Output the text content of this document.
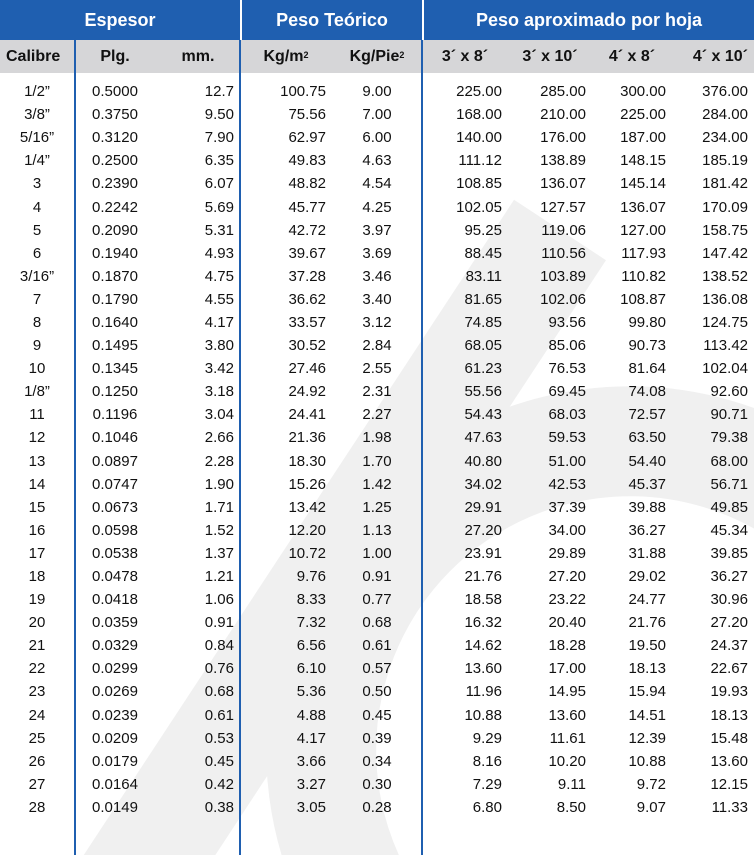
Espesor	Peso Teórico	Peso aproximado por hoja
Calibre	Plg.	mm.	$Kg/m^2$	Kg/Pie$^2$	3´ x 8´	3´ x 10´	4´ x 8´	4´ x 10´
1/2”	0.5000	12.7	100.75	9.00	225.00	285.00	300.00	376.00
3/8”	0.3750	9.50	75.56	7.00	168.00	210.00	225.00	284.00
5/16”	0.3120	7.90	62.97	6.00	140.00	176.00	187.00	234.00
1/4”	0.2500	6.35	49.83	4.63	111.12	138.89	148.15	185.19
3	0.2390	6.07	48.82	4.54	108.85	136.07	145.14	181.42
4	0.2242	5.69	45.77	4.25	102.05	127.57	136.07	170.09
5	0.2090	5.31	42.72	3.97	95.25	119.06	127.00	158.75
6	0.1940	4.93	39.67	3.69	88.45	110.56	117.93	147.42
3/16”	0.1870	4.75	37.28	3.46	83.11	103.89	110.82	138.52
7	0.1790	4.55	36.62	3.40	81.65	102.06	108.87	136.08
8	0.1640	4.17	33.57	3.12	74.85	93.56	99.80	124.75
9	0.1495	3.80	30.52	2.84	68.05	85.06	90.73	113.42
10	0.1345	3.42	27.46	2.55	61.23	76.53	81.64	102.04
1/8”	0.1250	3.18	24.92	2.31	55.56	69.45	74.08	92.60
11	0.1196	3.04	24.41	2.27	54.43	68.03	72.57	90.71
12	0.1046	2.66	21.36	1.98	47.63	59.53	63.50	79.38
13	0.0897	2.28	18.30	1.70	40.80	51.00	54.40	68.00
14	0.0747	1.90	15.26	1.42	34.02	42.53	45.37	56.71
15	0.0673	1.71	13.42	1.25	29.91	37.39	39.88	49.85
16	0.0598	1.52	12.20	1.13	27.20	34.00	36.27	45.34
17	0.0538	1.37	10.72	1.00	23.91	29.89	31.88	39.85
18	0.0478	1.21	9.76	0.91	21.76	27.20	29.02	36.27
19	0.0418	1.06	8.33	0.77	18.58	23.22	24.77	30.96
20	0.0359	0.91	7.32	0.68	16.32	20.40	21.76	27.20
21	0.0329	0.84	6.56	0.61	14.62	18.28	19.50	24.37
22	0.0299	0.76	6.10	0.57	13.60	17.00	18.13	22.67
23	0.0269	0.68	5.36	0.50	11.96	14.95	15.94	19.93
24	0.0239	0.61	4.88	0.45	10.88	13.60	14.51	18.13
25	0.0209	0.53	4.17	0.39	9.29	11.61	12.39	15.48
26	0.0179	0.45	3.66	0.34	8.16	10.20	10.88	13.60
27	0.0164	0.42	3.27	0.30	7.29	9.11	9.72	12.15
28	0.0149	0.38	3.05	0.28	6.80	8.50	9.07	11.33
